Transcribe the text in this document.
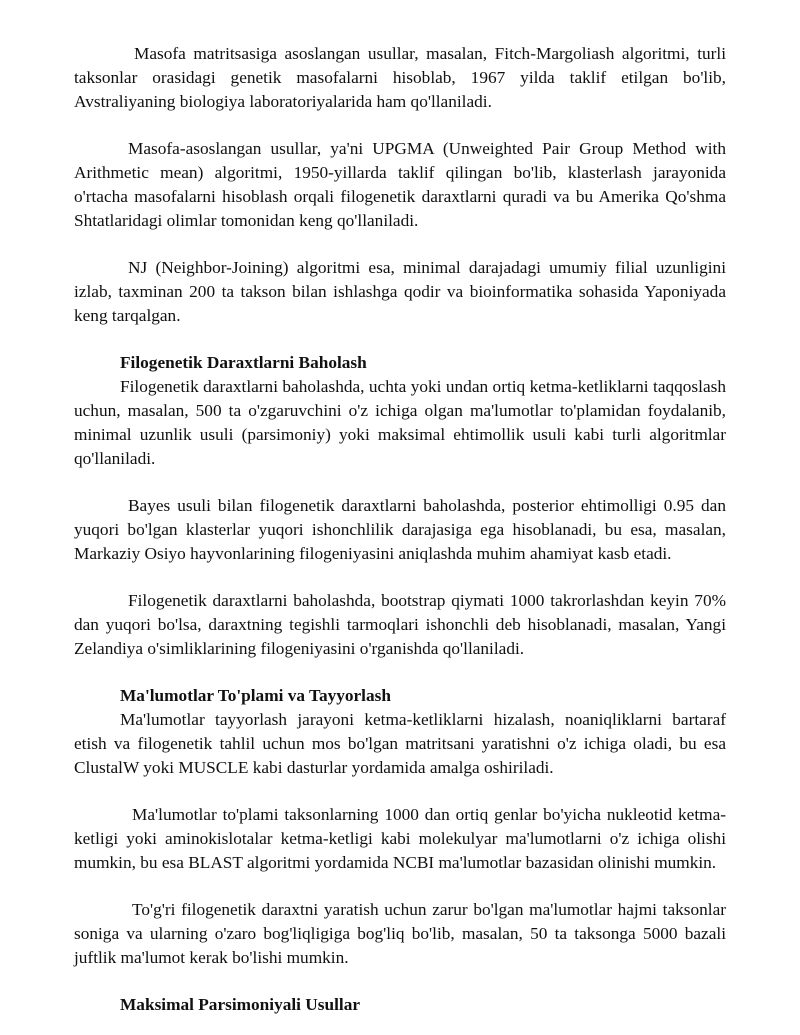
Masofa matritsasiga asoslangan usullar, masalan, Fitch-Margoliash algoritmi, turli taksonlar orasidagi genetik masofalarni hisoblab, 1967 yilda taklif etilgan bo'lib, Avstraliyaning biologiya laboratoriyalarida ham qo'llaniladi.

Masofa-asoslangan usullar, ya'ni UPGMA (Unweighted Pair Group Method with Arithmetic mean) algoritmi, 1950-yillarda taklif qilingan bo'lib, klasterlash jarayonida o'rtacha masofalarni hisoblash orqali filogenetik daraxtlarni quradi va bu Amerika Qo'shma Shtatlaridagi olimlar tomonidan keng qo'llaniladi.

NJ (Neighbor-Joining) algoritmi esa, minimal darajadagi umumiy filial uzunligini izlab, taxminan 200 ta takson bilan ishlashga qodir va bioinformatika sohasida Yaponiyada keng tarqalgan.

Filogenetik Daraxtlarni Baholash

Filogenetik daraxtlarni baholashda, uchta yoki undan ortiq ketma-ketliklarni taqqoslash uchun, masalan, 500 ta o'zgaruvchini o'z ichiga olgan ma'lumotlar to'plamidan foydalanib, minimal uzunlik usuli (parsimoniy) yoki maksimal ehtimollik usuli kabi turli algoritmlar qo'llaniladi.

Bayes usuli bilan filogenetik daraxtlarni baholashda, posterior ehtimolligi 0.95 dan yuqori bo'lgan klasterlar yuqori ishonchlilik darajasiga ega hisoblanadi, bu esa, masalan, Markaziy Osiyo hayvonlarining filogeniyasini aniqlashda muhim ahamiyat kasb etadi.

Filogenetik daraxtlarni baholashda, bootstrap qiymati 1000 takrorlashdan keyin 70% dan yuqori bo'lsa, daraxtning tegishli tarmoqlari ishonchli deb hisoblanadi, masalan, Yangi Zelandiya o'simliklarining filogeniyasini o'rganishda qo'llaniladi.

Ma'lumotlar To'plami va Tayyorlash

Ma'lumotlar tayyorlash jarayoni ketma-ketliklarni hizalash, noaniqliklarni bartaraf etish va filogenetik tahlil uchun mos bo'lgan matritsani yaratishni o'z ichiga oladi, bu esa ClustalW yoki MUSCLE kabi dasturlar yordamida amalga oshiriladi.

Ma'lumotlar to'plami taksonlarning 1000 dan ortiq genlar bo'yicha nukleotid ketma-ketligi yoki aminokislotalar ketma-ketligi kabi molekulyar ma'lumotlarni o'z ichiga olishi mumkin, bu esa BLAST algoritmi yordamida NCBI ma'lumotlar bazasidan olinishi mumkin.

To'g'ri filogenetik daraxtni yaratish uchun zarur bo'lgan ma'lumotlar hajmi taksonlar soniga va ularning o'zaro bog'liqligiga bog'liq bo'lib, masalan, 50 ta taksonga 5000 bazali juftlik ma'lumot kerak bo'lishi mumkin.

Maksimal Parsimoniyali Usullar
